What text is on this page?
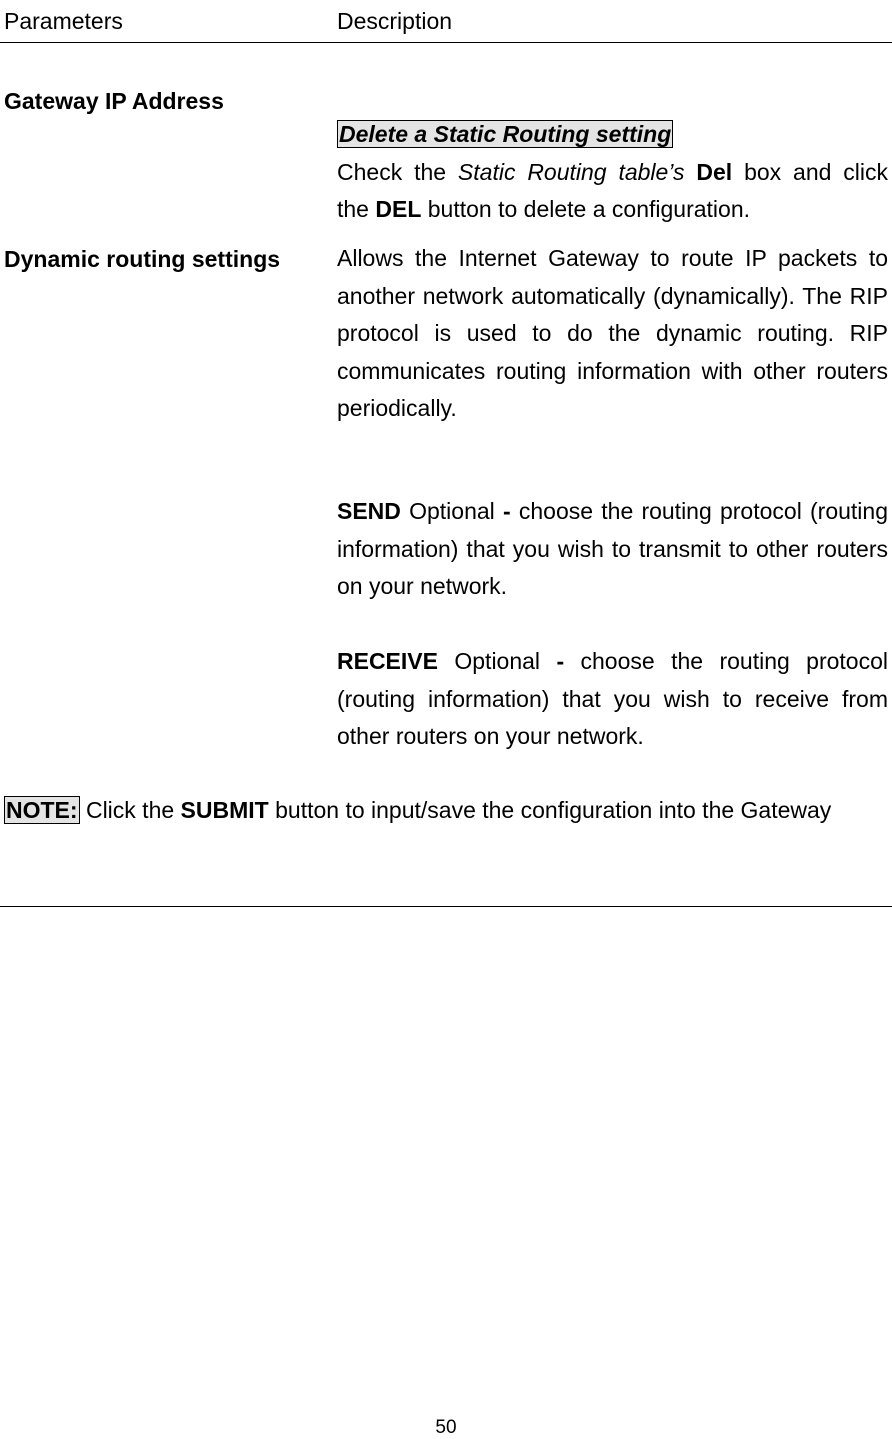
Parameters	Description
Gateway IP Address
Delete a Static Routing setting
Check the Static Routing table’s Del box and click
the DEL button to delete a configuration.
Dynamic routing settings Allows the Internet Gateway to route IP packets to another network automatically (dynamically). The RIP protocol is used to do the dynamic routing. RIP communicates routing information with other routers periodically.
SEND Optional - choose the routing protocol (routing information) that you wish to transmit to other routers on your network.
RECEIVE Optional - choose the routing protocol (routing information) that you wish to receive from other routers on your network.
NOTE: Click the SUBMIT button to input/save the configuration into the Gateway
50
